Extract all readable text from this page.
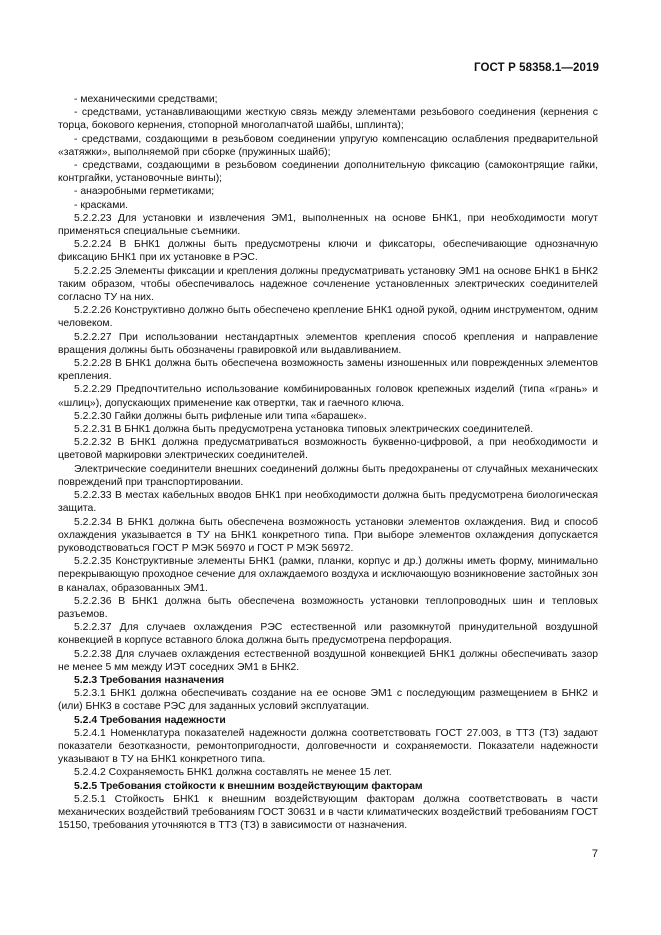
ГОСТ Р 58358.1—2019

- механическими средствами;

- средствами, устанавливающими жесткую связь между элементами резьбового соединения (кернения с торца, бокового кернения, стопорной многолапчатой шайбы, шплинта);

- средствами, создающими в резьбовом соединении упругую компенсацию ослабления предварительной «затяжки», выполняемой при сборке (пружинных шайб);

- средствами, создающими в резьбовом соединении дополнительную фиксацию (самоконтрящие гайки, контргайки, установочные винты);

- анаэробными герметиками;

- красками.

5.2.2.23 Для установки и извлечения ЭМ1, выполненных на основе БНК1, при необходимости могут применяться специальные съемники.

5.2.2.24 В БНК1 должны быть предусмотрены ключи и фиксаторы, обеспечивающие однозначную фиксацию БНК1 при их установке в РЭС.

5.2.2.25 Элементы фиксации и крепления должны предусматривать установку ЭМ1 на основе БНК1 в БНК2 таким образом, чтобы обеспечивалось надежное сочленение установленных электрических соединителей согласно ТУ на них.

5.2.2.26 Конструктивно должно быть обеспечено крепление БНК1 одной рукой, одним инструментом, одним человеком.

5.2.2.27 При использовании нестандартных элементов крепления способ крепления и направление вращения должны быть обозначены гравировкой или выдавливанием.

5.2.2.28 В БНК1 должна быть обеспечена возможность замены изношенных или поврежденных элементов крепления.

5.2.2.29 Предпочтительно использование комбинированных головок крепежных изделий (типа «грань» и «шлиц»), допускающих применение как отвертки, так и гаечного ключа.

5.2.2.30 Гайки должны быть рифленые или типа «барашек».

5.2.2.31 В БНК1 должна быть предусмотрена установка типовых электрических соединителей.

5.2.2.32 В БНК1 должна предусматриваться возможность буквенно-цифровой, а при необходимости и цветовой маркировки электрических соединителей.

Электрические соединители внешних соединений должны быть предохранены от случайных механических повреждений при транспортировании.

5.2.2.33 В местах кабельных вводов БНК1 при необходимости должна быть предусмотрена биологическая защита.

5.2.2.34 В БНК1 должна быть обеспечена возможность установки элементов охлаждения. Вид и способ охлаждения указывается в ТУ на БНК1 конкретного типа. При выборе элементов охлаждения допускается руководствоваться ГОСТ Р МЭК 56970 и ГОСТ Р МЭК 56972.

5.2.2.35 Конструктивные элементы БНК1 (рамки, планки, корпус и др.) должны иметь форму, минимально перекрывающую проходное сечение для охлаждаемого воздуха и исключающую возникновение застойных зон в каналах, образованных ЭМ1.

5.2.2.36 В БНК1 должна быть обеспечена возможность установки теплопроводных шин и тепловых разъемов.

5.2.2.37 Для случаев охлаждения РЭС естественной или разомкнутой принудительной воздушной конвекцией в корпусе вставного блока должна быть предусмотрена перфорация.

5.2.2.38 Для случаев охлаждения естественной воздушной конвекцией БНК1 должны обеспечивать зазор не менее 5 мм между ИЭТ соседних ЭМ1 в БНК2.

5.2.3 Требования назначения

5.2.3.1 БНК1 должна обеспечивать создание на ее основе ЭМ1 с последующим размещением в БНК2 и (или) БНК3 в составе РЭС для заданных условий эксплуатации.

5.2.4 Требования надежности

5.2.4.1 Номенклатура показателей надежности должна соответствовать ГОСТ 27.003, в ТТЗ (ТЗ) задают показатели безотказности, ремонтопригодности, долговечности и сохраняемости. Показатели надежности указывают в ТУ на БНК1 конкретного типа.

5.2.4.2 Сохраняемость БНК1 должна составлять не менее 15 лет.

5.2.5 Требования стойкости к внешним воздействующим факторам

5.2.5.1 Стойкость БНК1 к внешним воздействующим факторам должна соответствовать в части механических воздействий требованиям ГОСТ 30631 и в части климатических воздействий требованиям ГОСТ 15150, требования уточняются в ТТЗ (ТЗ) в зависимости от назначения.

7
